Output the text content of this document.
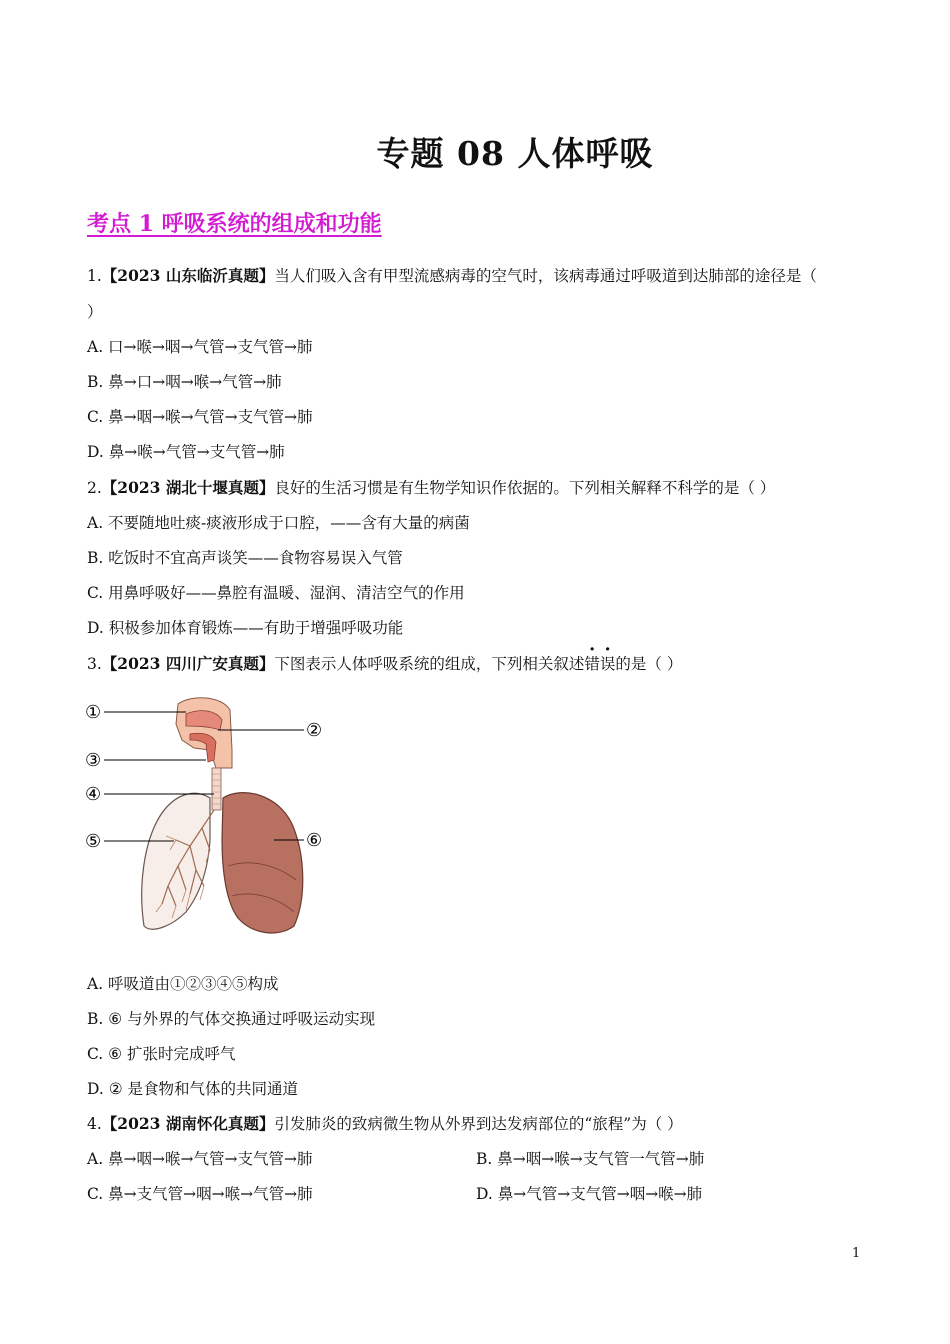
专题 08 人体呼吸
考点 1 呼吸系统的组成和功能
1.【2023 山东临沂真题】当人们吸入含有甲型流感病毒的空气时，该病毒通过呼吸道到达肺部的途径是（
）
A. 口→喉→咽→气管→支气管→肺
B. 鼻→口→咽→喉→气管→肺
C. 鼻→咽→喉→气管→支气管→肺
D. 鼻→喉→气管→支气管→肺
2.【2023 湖北十堰真题】良好的生活习惯是有生物学知识作依据的。下列相关解释不科学的是（ ）
A. 不要随地吐痰-痰液形成于口腔，——含有大量的病菌
B. 吃饭时不宜高声谈笑——食物容易误入气管
C. 用鼻呼吸好——鼻腔有温暖、湿润、清洁空气的作用
D. 积极参加体育锻炼——有助于增强呼吸功能
3.【2023 四川广安真题】下图表示人体呼吸系统的组成，下列相关叙述错误的是（ ）
①
②
③
④
⑤	⑥
A. 呼吸道由①②③④⑤构成
B. ⑥ 与外界的气体交换通过呼吸运动实现
C. ⑥ 扩张时完成呼气
D. ② 是食物和气体的共同通道
4.【2023 湖南怀化真题】引发肺炎的致病微生物从外界到达发病部位的“旅程”为（ ）
A. 鼻→咽→喉→气管→支气管→肺	B. 鼻→咽→喉→支气管一气管→肺
C. 鼻→支气管→咽→喉→气管→肺	D. 鼻→气管→支气管→咽→喉→肺
1
